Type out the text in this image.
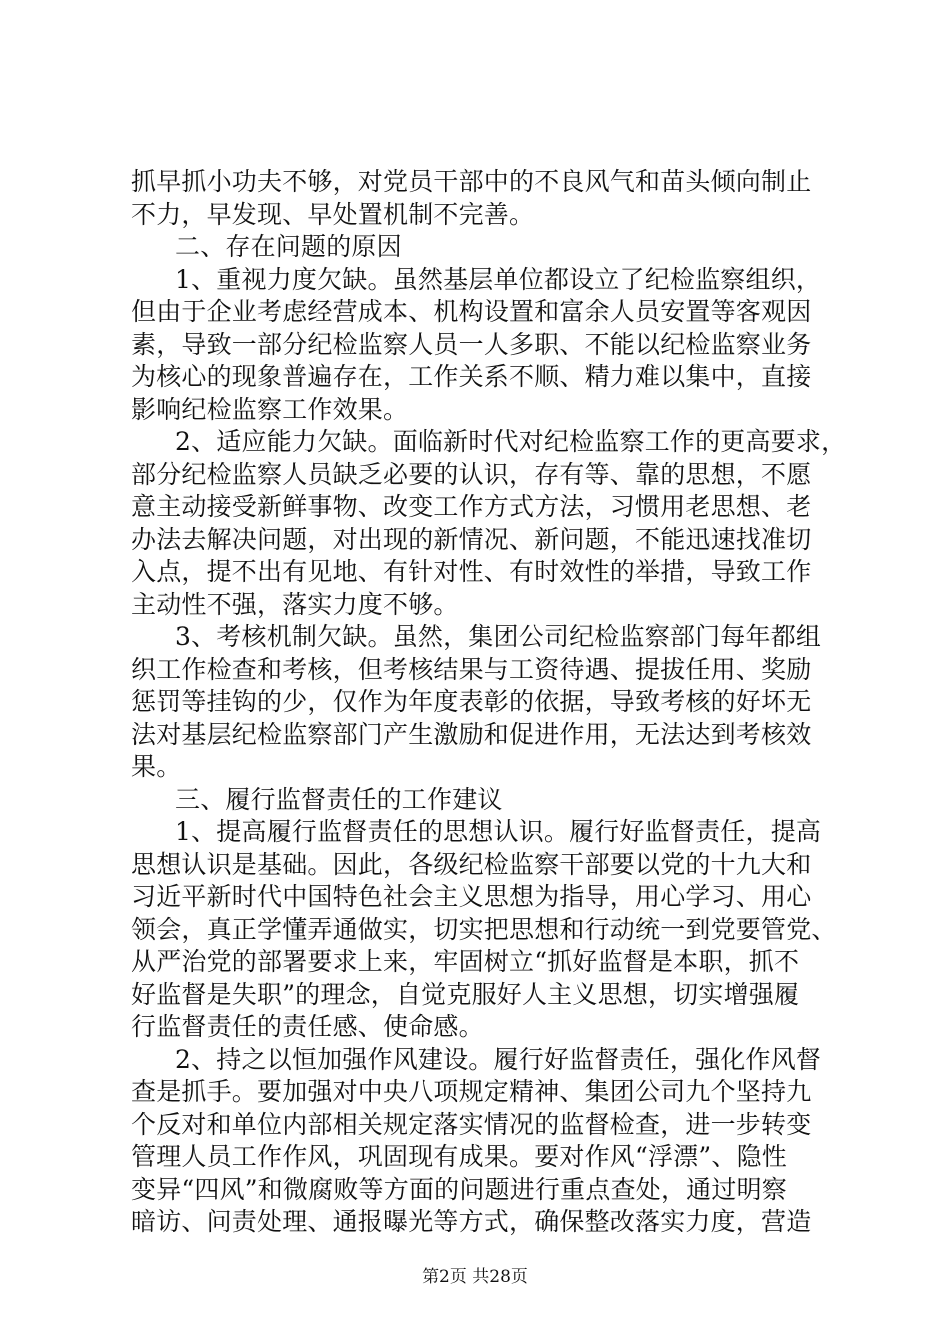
抓早抓小功夫不够，对党员干部中的不良风气和苗头倾向制止
不力，早发现、早处置机制不完善。
二、存在问题的原因
1、重视力度欠缺。虽然基层单位都设立了纪检监察组织，
但由于企业考虑经营成本、机构设置和富余人员安置等客观因
素，导致一部分纪检监察人员一人多职、不能以纪检监察业务
为核心的现象普遍存在，工作关系不顺、精力难以集中，直接
影响纪检监察工作效果。
2、适应能力欠缺。面临新时代对纪检监察工作的更高要求，
部分纪检监察人员缺乏必要的认识，存有等、靠的思想，不愿
意主动接受新鲜事物、改变工作方式方法，习惯用老思想、老
办法去解决问题，对出现的新情况、新问题，不能迅速找准切
入点，提不出有见地、有针对性、有时效性的举措，导致工作
主动性不强，落实力度不够。
3、考核机制欠缺。虽然，集团公司纪检监察部门每年都组
织工作检查和考核，但考核结果与工资待遇、提拔任用、奖励
惩罚等挂钩的少，仅作为年度表彰的依据，导致考核的好坏无
法对基层纪检监察部门产生激励和促进作用，无法达到考核效
果。
三、履行监督责任的工作建议
1、提高履行监督责任的思想认识。履行好监督责任，提高
思想认识是基础。因此，各级纪检监察干部要以党的十九大和
习近平新时代中国特色社会主义思想为指导，用心学习、用心
领会，真正学懂弄通做实，切实把思想和行动统一到党要管党、
从严治党的部署要求上来，牢固树立“抓好监督是本职，抓不
好监督是失职”的理念，自觉克服好人主义思想，切实增强履
行监督责任的责任感、使命感。
2、持之以恒加强作风建设。履行好监督责任，强化作风督
查是抓手。要加强对中央八项规定精神、集团公司九个坚持九
个反对和单位内部相关规定落实情况的监督检查，进一步转变
管理人员工作作风，巩固现有成果。要对作风“浮漂”、隐性
变异“四风”和微腐败等方面的问题进行重点查处，通过明察
暗访、问责处理、通报曝光等方式，确保整改落实力度，营造
第2页 共28页
